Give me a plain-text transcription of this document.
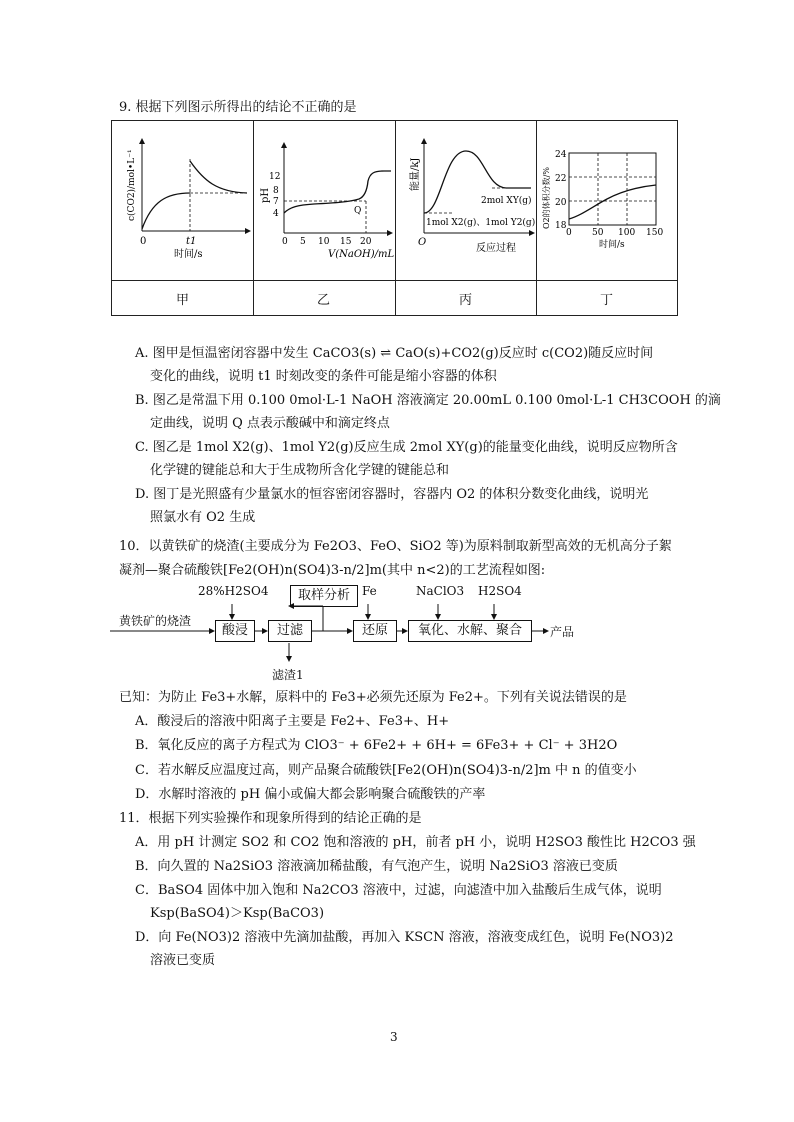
9. 根据下列图示所得出的结论不正确的是
甲	乙	丙	丁
0	t1
时间/s
c(CO2)/mol•L⁻¹	12
8
7
4	Q
0 5 10 15 20
V(NaOH)/mL
pH	2mol XY(g)
1mol X2(g)、1mol Y2(g)
O
反应过程
能量/kJ
24
22
20
18
0 50 100 150
时间/s
O2的体积分数/%
A. 图甲是恒温密闭容器中发生 CaCO3(s) ⇌ CaO(s)+CO2(g)反应时 c(CO2)随反应时间
变化的曲线，说明 t1 时刻改变的条件可能是缩小容器的体积
B. 图乙是常温下用 0.100 0mol·L-1 NaOH 溶液滴定 20.00mL 0.100 0mol·L-1 CH3COOH 的滴
定曲线，说明 Q 点表示酸碱中和滴定终点
C. 图乙是 1mol X2(g)、1mol Y2(g)反应生成 2mol XY(g)的能量变化曲线，说明反应物所含
化学键的键能总和大于生成物所含化学键的键能总和
D. 图丁是光照盛有少量氯水的恒容密闭容器时，容器内 O2 的体积分数变化曲线，说明光
照氯水有 O2 生成
10．以黄铁矿的烧渣(主要成分为 Fe2O3、FeO、SiO2 等)为原料制取新型高效的无机高分子絮
凝剂—聚合硫酸铁[Fe2(OH)n(SO4)3-n/2]m(其中 n<2)的工艺流程如图:
28%H2SO4	取样分析	Fe	NaClO3 H2SO4
黄铁矿的烧渣
酸浸	过滤	还原	氧化、水解、聚合	产品
滤渣1
已知：为防止 Fe3+水解，原料中的 Fe3+必须先还原为 Fe2+。下列有关说法错误的是
A．酸浸后的溶液中阳离子主要是 Fe2+、Fe3+、H+
B．氧化反应的离子方程式为 ClO3⁻ + 6Fe2+ + 6H+ = 6Fe3+ + Cl⁻ + 3H2O
C．若水解反应温度过高，则产品聚合硫酸铁[Fe2(OH)n(SO4)3-n/2]m 中 n 的值变小
D．水解时溶液的 pH 偏小或偏大都会影响聚合硫酸铁的产率
11．根据下列实验操作和现象所得到的结论正确的是
A．用 pH 计测定 SO2 和 CO2 饱和溶液的 pH，前者 pH 小，说明 H2SO3 酸性比 H2CO3 强
B．向久置的 Na2SiO3 溶液滴加稀盐酸，有气泡产生，说明 Na2SiO3 溶液已变质
C．BaSO4 固体中加入饱和 Na2CO3 溶液中，过滤，向滤渣中加入盐酸后生成气体，说明
Ksp(BaSO4)＞Ksp(BaCO3)
D．向 Fe(NO3)2 溶液中先滴加盐酸，再加入 KSCN 溶液，溶液变成红色，说明 Fe(NO3)2
溶液已变质
3
